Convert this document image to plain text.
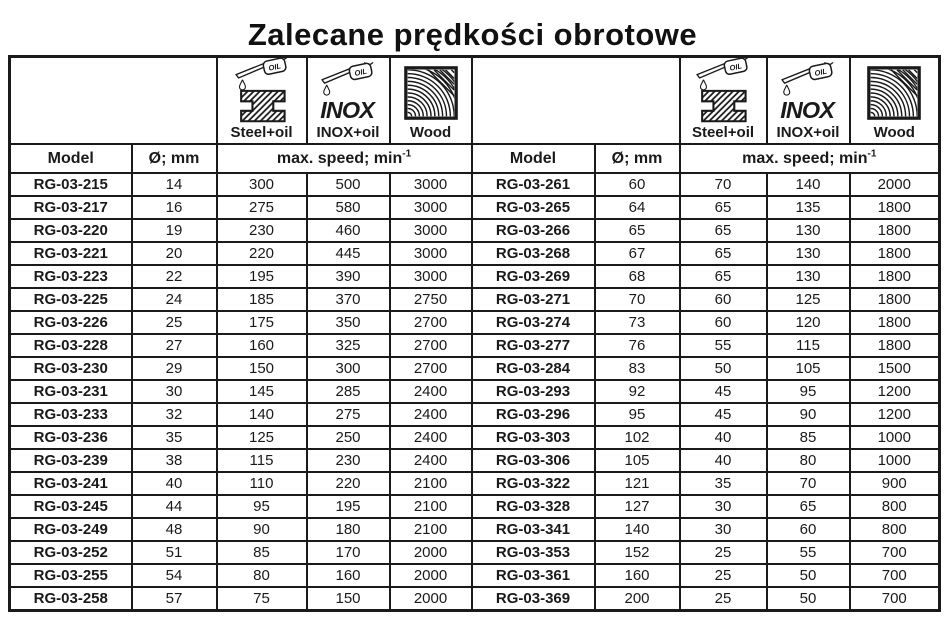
Zalecane prędkości obrotowe

		Steel+oil	INOX+oil	Wood			Steel+oil	INOX+oil	Wood

Model	Ø; mm	max. speed; $\min^{-1}$			Model	Ø; mm	max. speed; $\min^{-1}$
RG-03-215	14	300	500	3000	RG-03-261	60	70	140	2000
RG-03-217	16	275	580	3000	RG-03-265	64	65	135	1800
RG-03-220	19	230	460	3000	RG-03-266	65	65	130	1800
RG-03-221	20	220	445	3000	RG-03-268	67	65	130	1800
RG-03-223	22	195	390	3000	RG-03-269	68	65	130	1800
RG-03-225	24	185	370	2750	RG-03-271	70	60	125	1800
RG-03-226	25	175	350	2700	RG-03-274	73	60	120	1800
RG-03-228	27	160	325	2700	RG-03-277	76	55	115	1800
RG-03-230	29	150	300	2700	RG-03-284	83	50	105	1500
RG-03-231	30	145	285	2400	RG-03-293	92	45	95	1200
RG-03-233	32	140	275	2400	RG-03-296	95	45	90	1200
RG-03-236	35	125	250	2400	RG-03-303	102	40	85	1000
RG-03-239	38	115	230	2400	RG-03-306	105	40	80	1000
RG-03-241	40	110	220	2100	RG-03-322	121	35	70	900
RG-03-245	44	95	195	2100	RG-03-328	127	30	65	800
RG-03-249	48	90	180	2100	RG-03-341	140	30	60	800
RG-03-252	51	85	170	2000	RG-03-353	152	25	55	700
RG-03-255	54	80	160	2000	RG-03-361	160	25	50	700
RG-03-258	57	75	150	2000	RG-03-369	200	25	50	700
